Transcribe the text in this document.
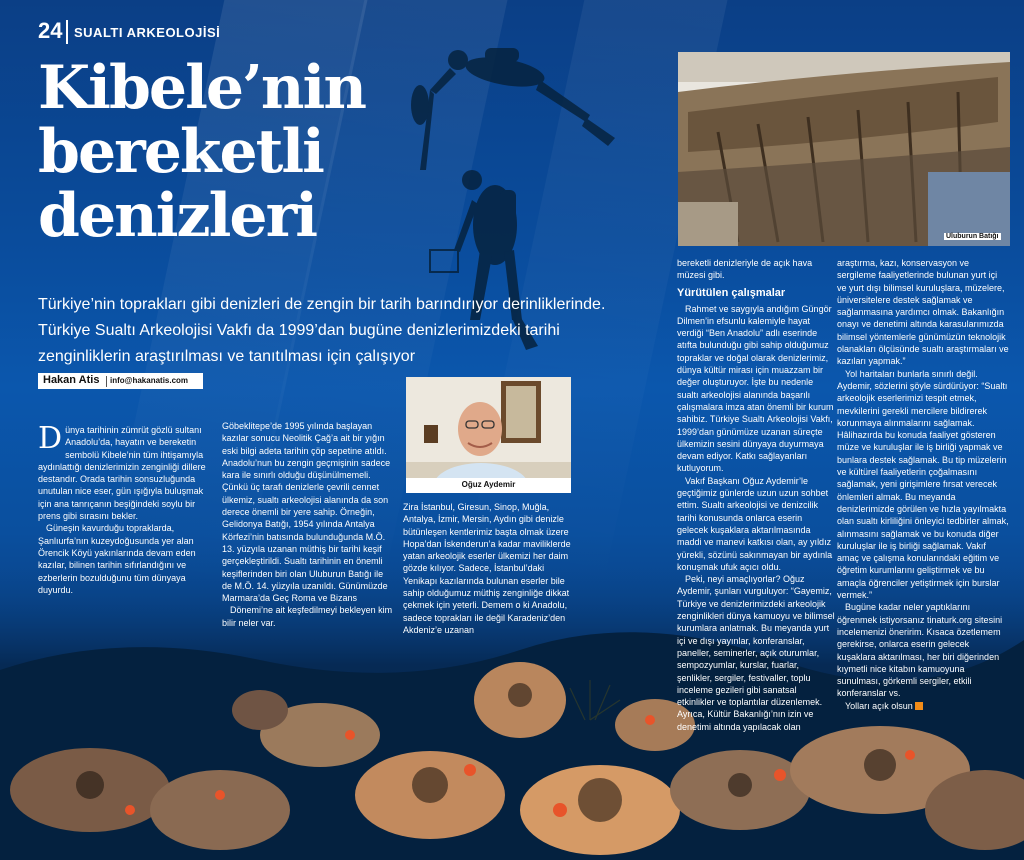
24 SUALTI ARKEOLOJİSİ
Kibele’nin
bereketli
denizleri
Türkiye’nin toprakları gibi denizleri de zengin bir tarih barındırıyor derinliklerinde. Türkiye Sualtı Arkeolojisi Vakfı da 1999’dan bugüne denizlerimizdeki tarihi zenginliklerin araştırılması ve tanıtılması için çalışıyor
Hakan Atis info@hakanatis.com
Oğuz Aydemir
Uluburun Batığı

Dünya tarihinin zümrüt gözlü sultanı Anadolu’da, hayatın ve bereketin sembolü Kibele’nin tüm ihtişamıyla aydınlattığı denizlerimizin zenginliği dillere destandır. Orada tarihin sonsuzluğunda unutulan nice eser, gün ışığıyla buluşmak için ana tanrıçanın beşiğindeki soylu bir prens gibi sırasını bekler.

Güneşin kavurduğu topraklarda, Şanlıurfa’nın kuzeydoğusunda yer alan Örencik Köyü yakınlarında devam eden kazılar, bilinen tarihin sıfırlandığını ve ezberlerin bozulduğunu tüm dünyaya duyurdu.

Göbeklitepe’de 1995 yılında başlayan kazılar sonucu Neolitik Çağ’a ait bir yığın eski bilgi adeta tarihin çöp sepetine atıldı. Anadolu’nun bu zengin geçmişinin sadece kara ile sınırlı olduğu düşünülmemeli. Çünkü üç tarafı denizlerle çevrili cennet ülkemiz, sualtı arkeolojisi alanında da son derece önemli bir yere sahip. Örneğin, Gelidonya Batığı, 1954 yılında Antalya Körfezi’nin batısında bulunduğunda M.Ö. 13. yüzyıla uzanan müthiş bir tarihi keşif gerçekleştirildi. Sualtı tarihinin en önemli keşiflerinden biri olan Uluburun Batığı ile de M.Ö. 14. yüzyıla uzanıldı. Günümüzde Marmara’da Geç Roma ve Bizans

Dönemi’ne ait keşfedilmeyi bekleyen kim bilir neler var.

Zira İstanbul, Giresun, Sinop, Muğla, Antalya, İzmir, Mersin, Aydın gibi denizle bütünleşen kentlerimiz başta olmak üzere Hopa’dan İskenderun’a kadar maviliklerde yatan arkeolojik eserler ülkemizi her daim gözde kılıyor. Sadece, İstanbul’daki Yenikapı kazılarında bulunan eserler bile sahip olduğumuz müthiş zenginliğe dikkat çekmek için yeterli. Demem o ki Anadolu, sadece toprakları ile değil Karadeniz’den Akdeniz’e uzanan

bereketli denizleriyle de açık hava müzesi gibi.

Yürütülen çalışmalar

Rahmet ve saygıyla andığım Güngör Dilmen’in efsunlu kalemiyle hayat verdiği “Ben Anadolu” adlı eserinde atıfta bulunduğu gibi sahip olduğumuz topraklar ve doğal olarak denizlerimiz, dünya kültür mirası için muazzam bir değer oluşturuyor. İşte bu nedenle sualtı arkeolojisi alanında başarılı çalışmalara imza atan önemli bir kurum sahibiz. Türkiye Sualtı Arkeolojisi Vakfı, 1999’dan günümüze uzanan süreçte ülkemizin sesini dünyaya duyurmaya devam ediyor. Katkı sağlayanları kutluyorum.

Vakıf Başkanı Oğuz Aydemir’le geçtiğimiz günlerde uzun uzun sohbet ettim. Sualtı arkeolojisi ve denizcilik tarihi konusunda onlarca eserin gelecek kuşaklara aktarılmasında maddi ve manevi katkısı olan, ay yıldız yürekli, sözünü sakınmayan bir aydınla konuşmak ufuk açıcı oldu.

Peki, neyi amaçlıyorlar? Oğuz Aydemir, şunları vurguluyor: “Gayemiz, Türkiye ve denizlerimizdeki arkeolojik zenginlikleri dünya kamuoyu ve bilimsel kurumlara anlatmak. Bu meyanda yurt içi ve dışı yayınlar, konferanslar, paneller, seminerler, açık oturumlar, sempozyumlar, kurslar, fuarlar, şenlikler, sergiler, festivaller, toplu inceleme gezileri gibi sanatsal etkinlikler ve toplantılar düzenlemek. Ayrıca, Kültür Bakanlığı’nın izin ve denetimi altında yapılacak olan

araştırma, kazı, konservasyon ve sergileme faaliyetlerinde bulunan yurt içi ve yurt dışı bilimsel kuruluşlara, müzelere, üniversitelere destek sağlamak ve sağlanmasına yardımcı olmak. Bakanlığın onayı ve denetimi altında karasularımızda bilimsel yöntemlerle günümüzün teknolojik olanakları ölçüsünde sualtı araştırmaları ve kazıları yapmak.”

Yol haritaları bunlarla sınırlı değil. Aydemir, sözlerini şöyle sürdürüyor: “Sualtı arkeolojik eserlerimizi tespit etmek, mevkilerini gerekli mercilere bildirerek korunmaya alınmalarını sağlamak. Hâlihazırda bu konuda faaliyet gösteren müze ve kuruluşlar ile iş birliği yapmak ve bunlara destek sağlamak. Bu tip müzelerin ve kültürel faaliyetlerin çoğalmasını sağlamak, yeni girişimlere fırsat verecek önlemleri almak. Bu meyanda denizlerimizde görülen ve hızla yayılmakta olan sualtı kirliliğini önleyici tedbirler almak, alınmasını sağlamak ve bu konuda diğer kuruluşlar ile iş birliği sağlamak. Vakıf amaç ve çalışma konularındaki eğitim ve öğretim kurumlarını geliştirmek ve bu amaçla öğrenciler yetiştirmek için burslar vermek.”

Bugüne kadar neler yaptıklarını öğrenmek istiyorsanız tinaturk.org sitesini incelemenizi öneririm. Kısaca özetlemem gerekirse, onlarca eserin gelecek kuşaklara aktarılması, her biri diğerinden kıymetli nice kitabın kamuoyuna sunulması, görkemli sergiler, etkili konferanslar vs.

Yolları açık olsun
